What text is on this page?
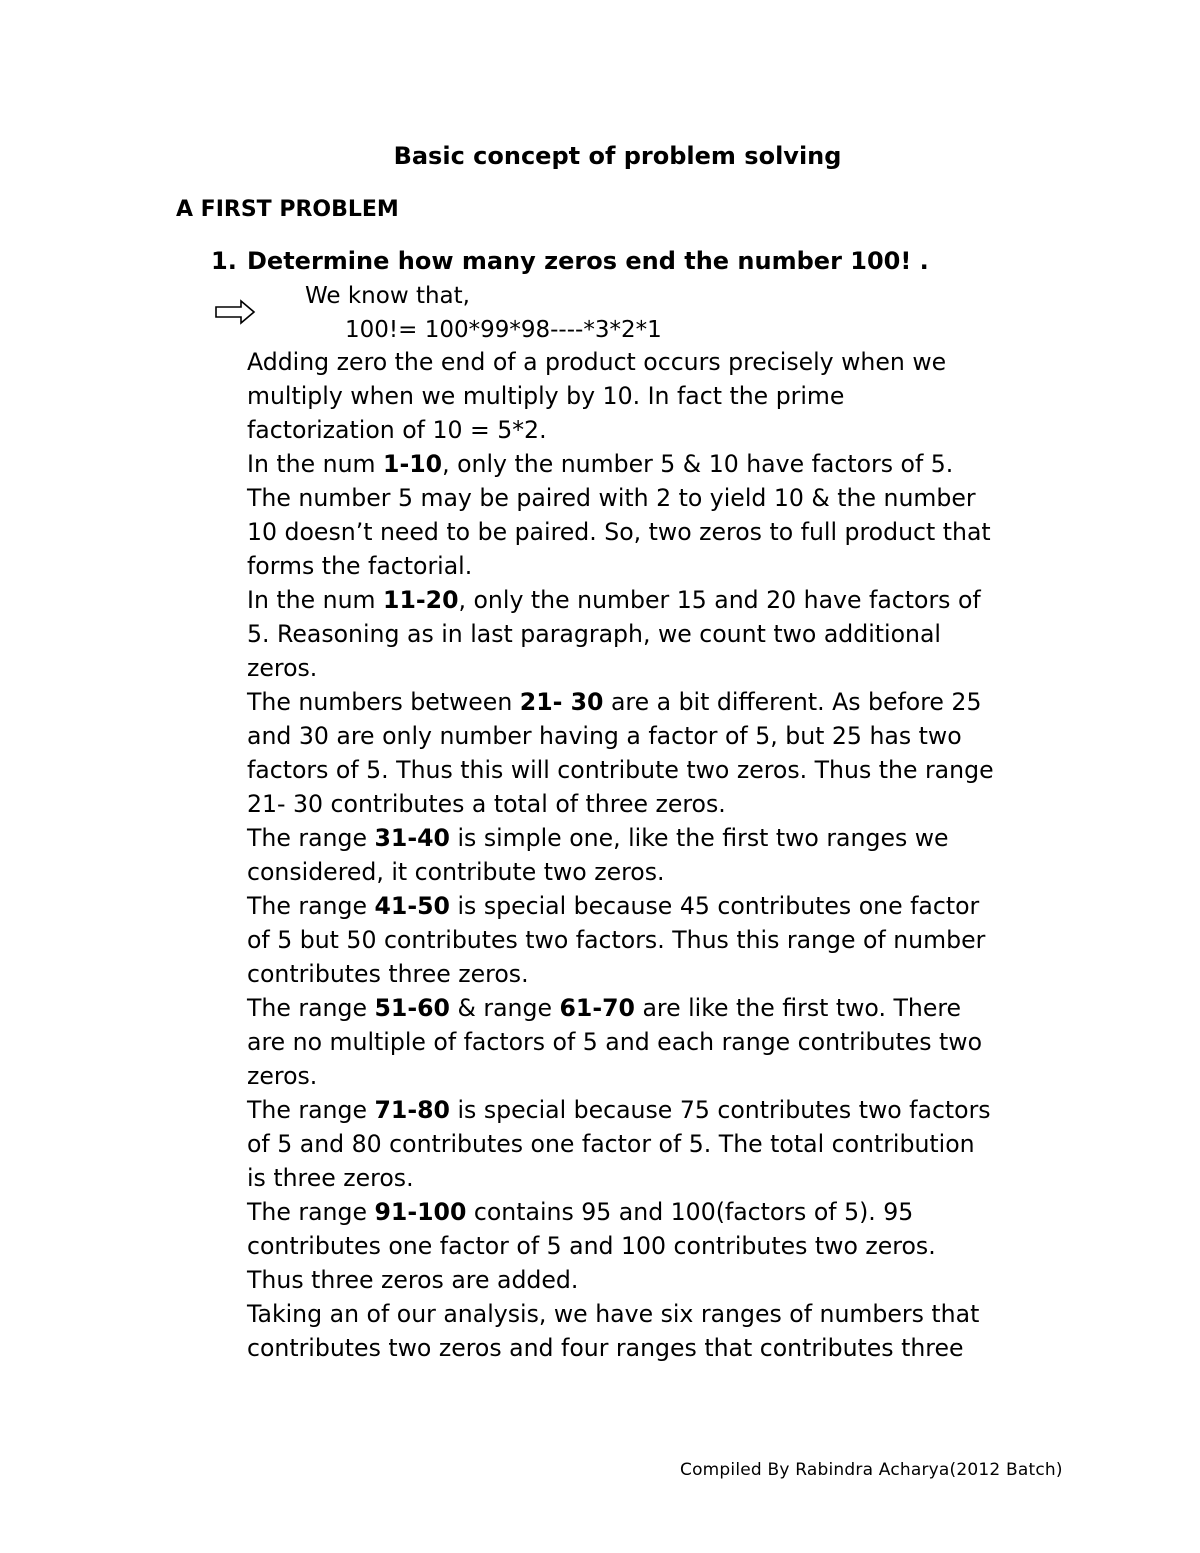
Basic concept of problem solving
A FIRST PROBLEM
1. Determine how many zeros end the number 100! .
We know that,
100!= 100*99*98----*3*2*1
Adding zero the end of a product occurs precisely when we
multiply when we multiply by 10. In fact the prime
factorization of 10 = 5*2.
In the num 1-10, only the number 5 & 10 have factors of 5.
The number 5 may be paired with 2 to yield 10 & the number
10 doesn’t need to be paired. So, two zeros to full product that
forms the factorial.
In the num 11-20, only the number 15 and 20 have factors of
5. Reasoning as in last paragraph, we count two additional
zeros.
The numbers between 21- 30 are a bit different. As before 25
and 30 are only number having a factor of 5, but 25 has two
factors of 5. Thus this will contribute two zeros. Thus the range
21- 30 contributes a total of three zeros.
The range 31-40 is simple one, like the first two ranges we
considered, it contribute two zeros.
The range 41-50 is special because 45 contributes one factor
of 5 but 50 contributes two factors. Thus this range of number
contributes three zeros.
The range 51-60 & range 61-70 are like the first two. There
are no multiple of factors of 5 and each range contributes two
zeros.
The range 71-80 is special because 75 contributes two factors
of 5 and 80 contributes one factor of 5. The total contribution
is three zeros.
The range 91-100 contains 95 and 100(factors of 5). 95
contributes one factor of 5 and 100 contributes two zeros.
Thus three zeros are added.
Taking an of our analysis, we have six ranges of numbers that
contributes two zeros and four ranges that contributes three
Compiled By Rabindra Acharya(2012 Batch)
